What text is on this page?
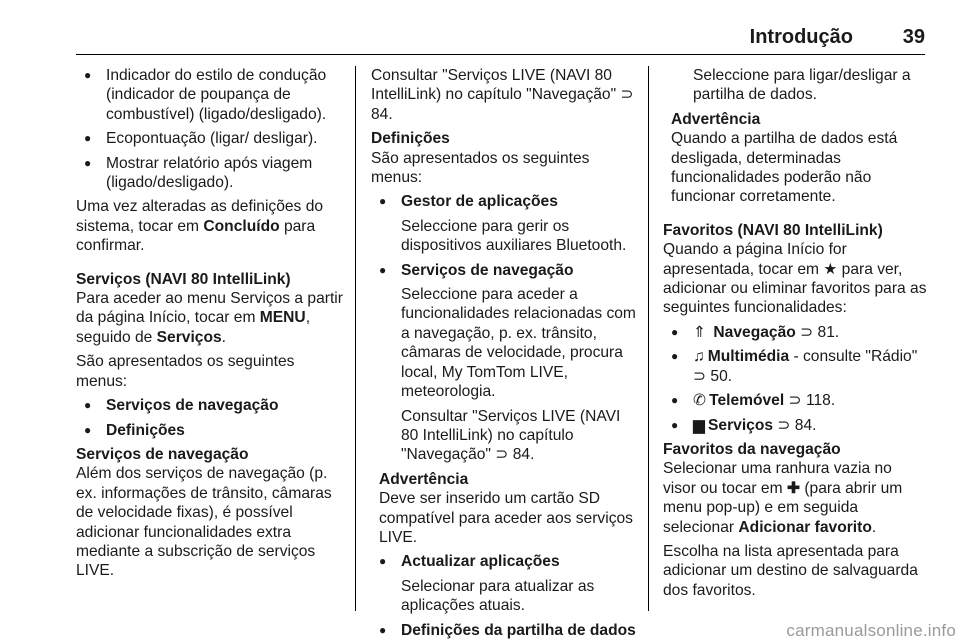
Introdução 39

● Indicador do estilo de condução (indicador de poupança de combustível) (ligado/desligado).

● Ecopontuação (ligar/ desligar).

● Mostrar relatório após viagem (ligado/desligado).

Uma vez alteradas as definições do sistema, tocar em Concluído para confirmar.

Serviços (NAVI 80 IntelliLink)

Para aceder ao menu Serviços a partir da página Início, tocar em MENU, seguido de Serviços.

São apresentados os seguintes menus:

● Serviços de navegação

● Definições

Serviços de navegação

Além dos serviços de navegação (p. ex. informações de trânsito, câmaras de velocidade fixas), é possível adicionar funcionalidades extra mediante a subscrição de serviços LIVE.

Consultar "Serviços LIVE (NAVI 80 IntelliLink) no capítulo "Navegação" ⊃ 84.

Definições

São apresentados os seguintes menus:

● Gestor de aplicações

Seleccione para gerir os dispositivos auxiliares Bluetooth.

● Serviços de navegação

Seleccione para aceder a funcionalidades relacionadas com a navegação, p. ex. trânsito, câmaras de velocidade, procura local, My TomTom LIVE, meteorologia.

Consultar "Serviços LIVE (NAVI 80 IntelliLink) no capítulo "Navegação" ⊃ 84.

Advertência

Deve ser inserido um cartão SD compatível para aceder aos serviços LIVE.

● Actualizar aplicações

Selecionar para atualizar as aplicações atuais.

● Definições da partilha de dados

Seleccione para ligar/desligar a partilha de dados.

Advertência

Quando a partilha de dados está desligada, determinadas funcionalidades poderão não funcionar corretamente.

Favoritos (NAVI 80 IntelliLink)

Quando a página Início for apresentada, tocar em ★ para ver, adicionar ou eliminar favoritos para as seguintes funcionalidades:

● ⇑ Navegação ⊃ 81.

● ♫ Multimédia - consulte "Rádio" ⊃ 50.

● ✆ Telemóvel ⊃ 118.

● ▆ Serviços ⊃ 84.

Favoritos da navegação

Selecionar uma ranhura vazia no visor ou tocar em ✚ (para abrir um menu pop-up) e em seguida selecionar Adicionar favorito.

Escolha na lista apresentada para adicionar um destino de salvaguarda dos favoritos.

carmanualsonline.info
